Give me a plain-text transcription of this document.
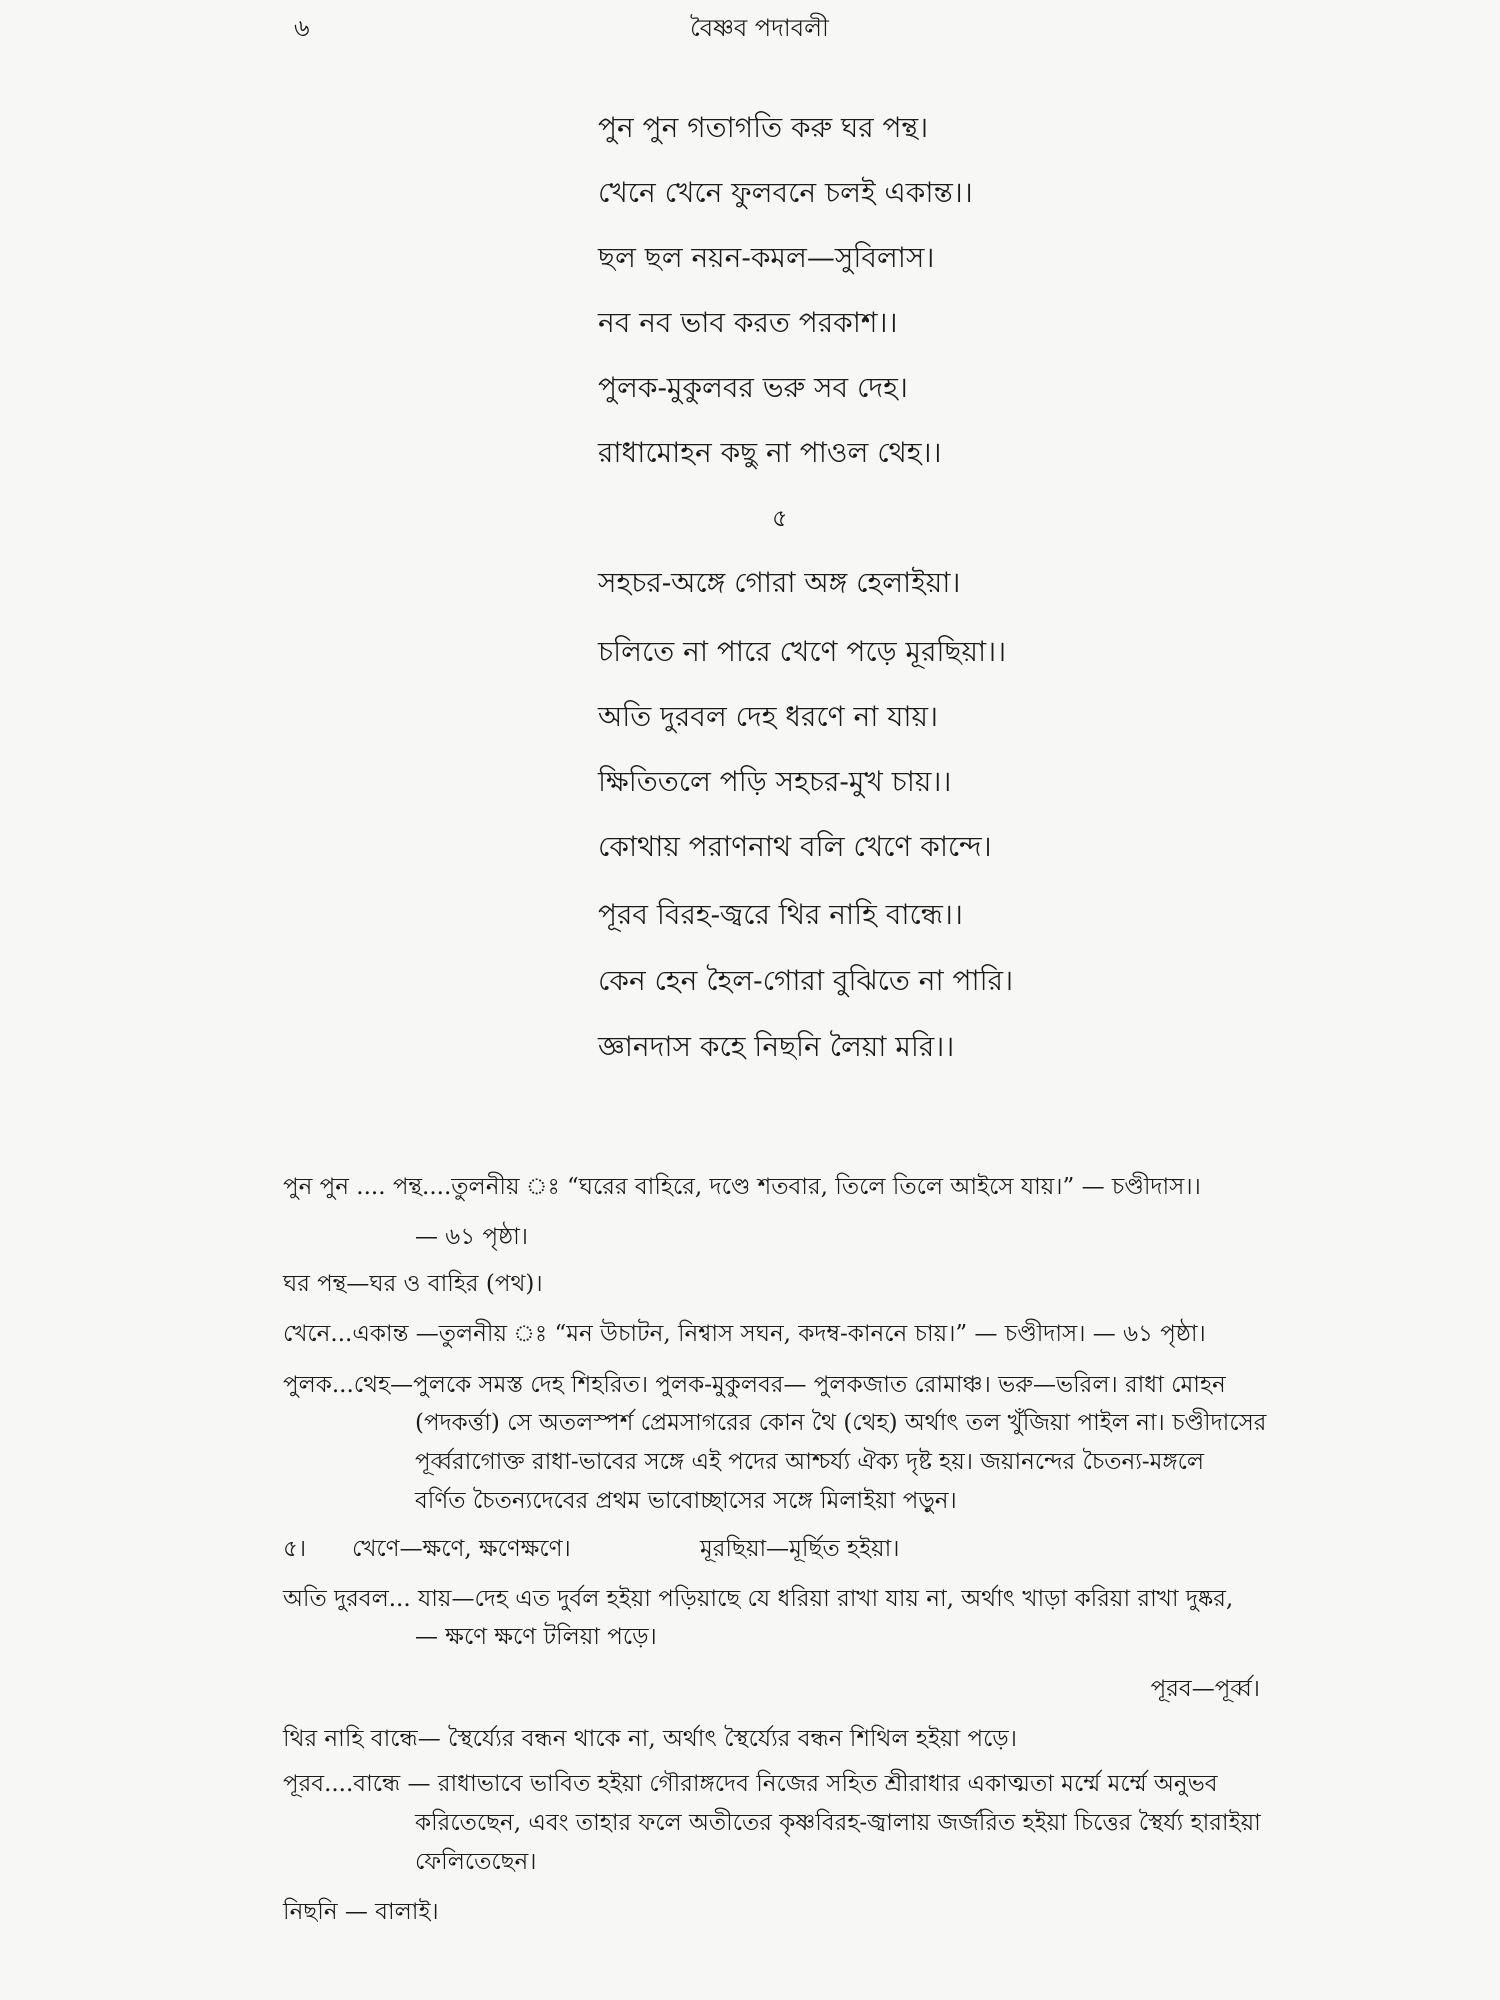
৬	বৈষ্ণব পদাবলী
পুন পুন গতাগতি করু ঘর পন্থ।
খেনে খেনে ফুলবনে চলই একান্ত।।
ছল ছল নয়ন-কমল—সুবিলাস।
নব নব ভাব করত পরকাশ।।
পুলক-মুকুলবর ভরু সব দেহ।
রাধামোহন কছু না পাওল থেহ।।
৫
সহচর-অঙ্গে গোরা অঙ্গ হেলাইয়া।
চলিতে না পারে খেণে পড়ে মূরছিয়া।।
অতি দুরবল দেহ ধরণে না যায়।
ক্ষিতিতলে পড়ি সহচর-মুখ চায়।।
কোথায় পরাণনাথ বলি খেণে কান্দে।
পূরব বিরহ-জ্বরে থির নাহি বান্ধে।।
কেন হেন হৈল-গোরা বুঝিতে না পারি।
জ্ঞানদাস কহে নিছনি লৈয়া মরি।।
পুন পুন .... পন্থ....তুলনীয় ঃ “ঘরের বাহিরে, দণ্ডে শতবার, তিলে তিলে আইসে যায়।” — চণ্ডীদাস।।
— ৬১ পৃষ্ঠা।
ঘর পন্থ—ঘর ও বাহির (পথ)।
খেনে...একান্ত —তুলনীয় ঃ “মন উচাটন, নিশ্বাস সঘন, কদম্ব-কাননে চায়।” — চণ্ডীদাস। — ৬১ পৃষ্ঠা।
পুলক...থেহ—পুলকে সমস্ত দেহ শিহরিত। পুলক-মুকুলবর— পুলকজাত রোমাঞ্চ। ভরু—ভরিল। রাধা মোহন
(পদকর্ত্তা) সে অতলস্পর্শ প্রেমসাগরের কোন থৈ (থেহ) অর্থাৎ তল খুঁজিয়া পাইল না। চণ্ডীদাসের
পূর্ব্বরাগোক্ত রাধা-ভাবের সঙ্গে এই পদের আশ্চর্য্য ঐক্য দৃষ্ট হয়। জয়ানন্দের চৈতন্য-মঙ্গলে
বর্ণিত চৈতন্যদেবের প্রথম ভাবোচ্ছাসের সঙ্গে মিলাইয়া পড়ুন।
৫। খেণে—ক্ষণে, ক্ষণেক্ষণে।	মূরছিয়া—মূর্ছিত হইয়া।
অতি দুরবল... যায়—দেহ এত দুর্বল হইয়া পড়িয়াছে যে ধরিয়া রাখা যায় না, অর্থাৎ খাড়া করিয়া রাখা দুষ্কর,
— ক্ষণে ক্ষণে টলিয়া পড়ে।
পূরব—পূর্ব্ব।
থির নাহি বান্ধে— স্থৈর্য্যের বন্ধন থাকে না, অর্থাৎ স্থৈর্য্যের বন্ধন শিথিল হইয়া পড়ে।
পূরব....বান্ধে — রাধাভাবে ভাবিত হইয়া গৌরাঙ্গদেব নিজের সহিত শ্রীরাধার একাত্মতা মর্ম্মে মর্ম্মে অনুভব
করিতেছেন, এবং তাহার ফলে অতীতের কৃষ্ণবিরহ-জ্বালায় জর্জরিত হইয়া চিত্তের স্থৈর্য্য হারাইয়া
ফেলিতেছেন।
নিছনি — বালাই।
